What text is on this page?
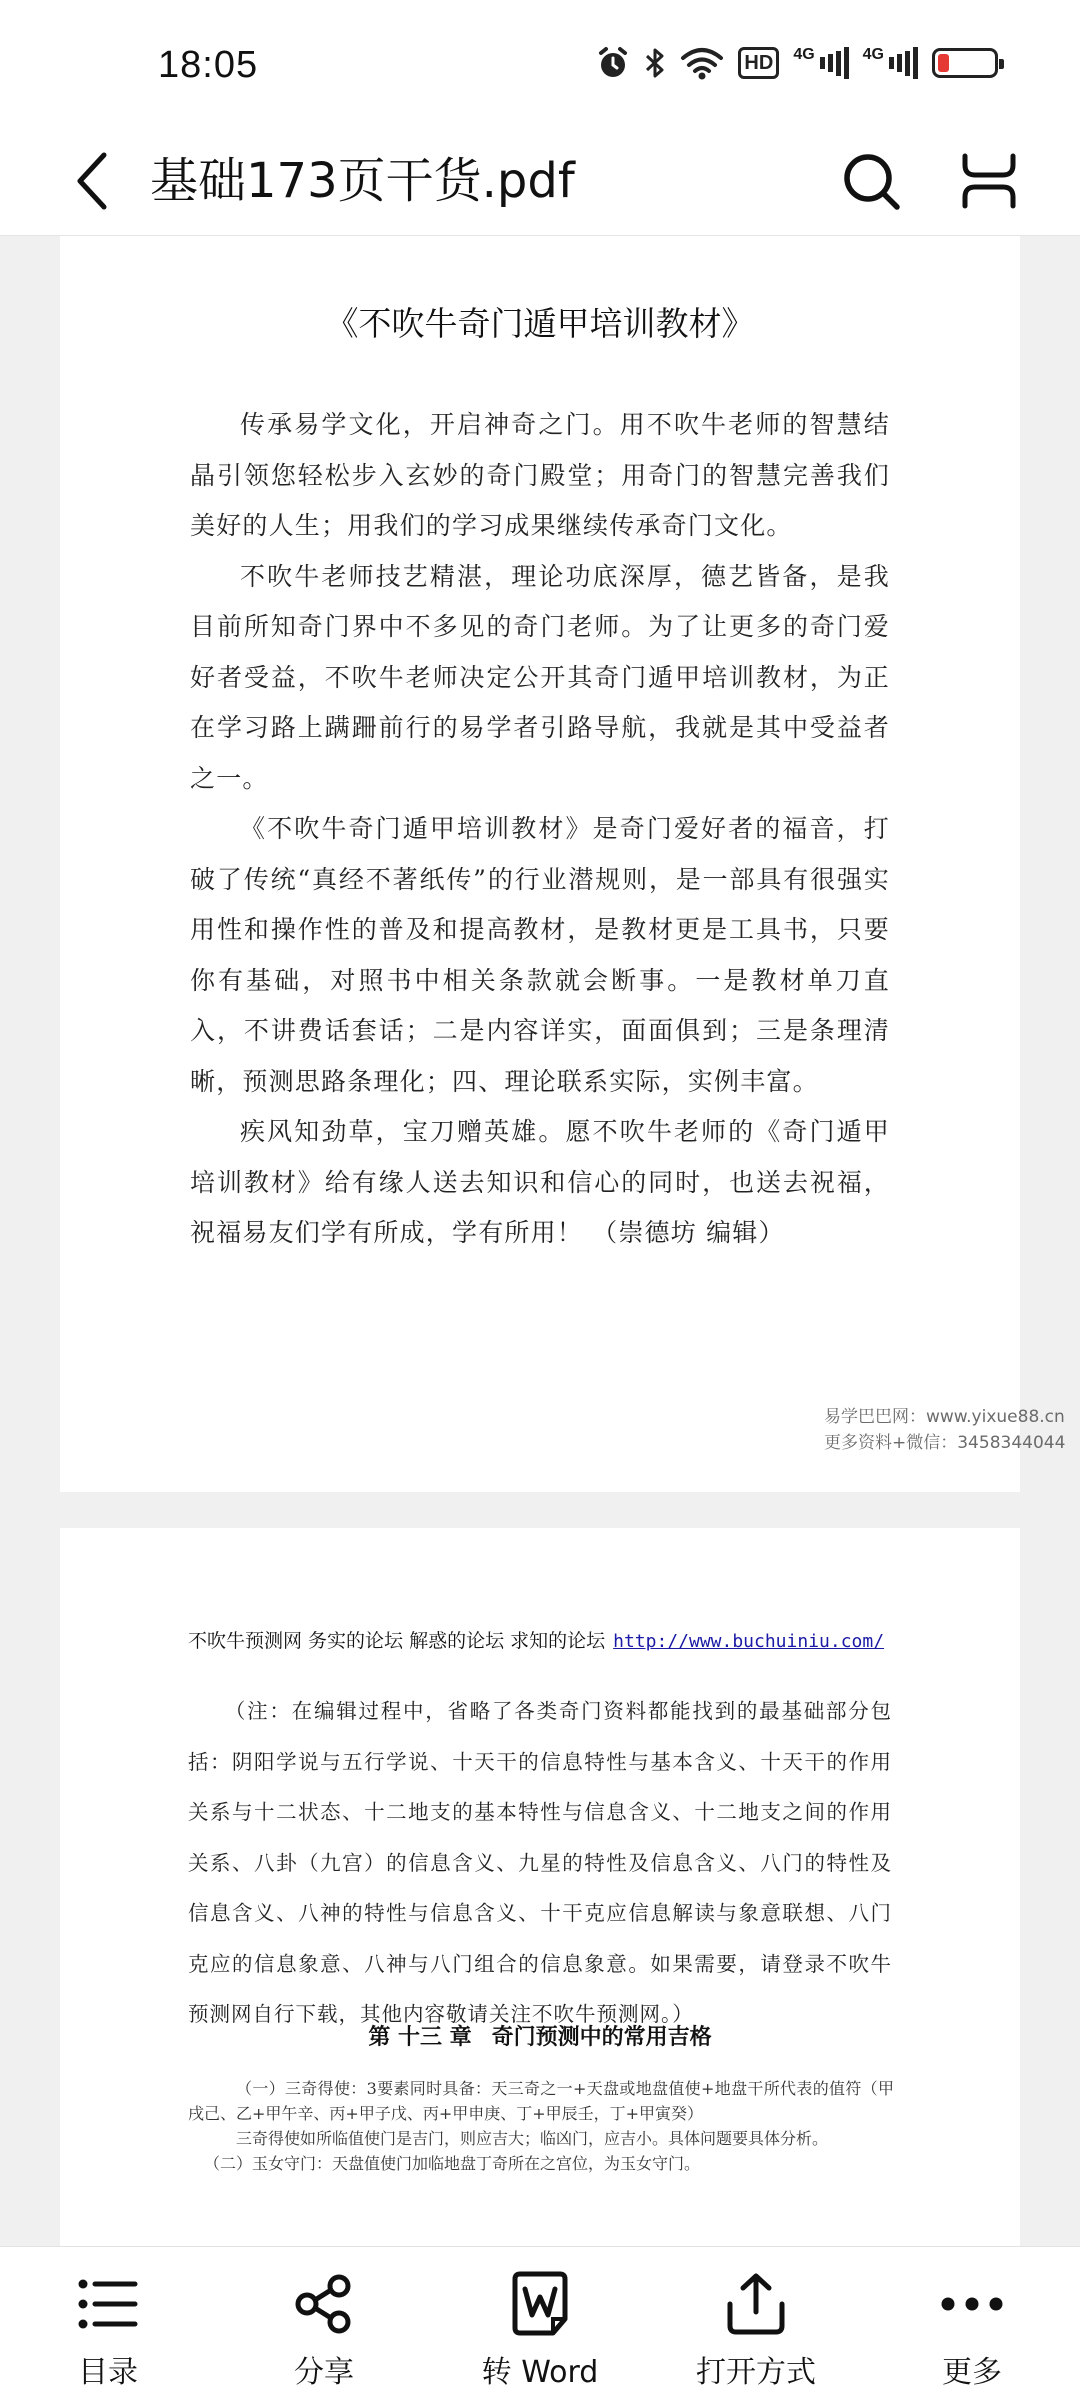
18:05	HD	4G	4G
基础173页干货.pdf
《不吹牛奇门遁甲培训教材》

传承易学文化，开启神奇之门。用不吹牛老师的智慧结晶引领您轻松步入玄妙的奇门殿堂；用奇门的智慧完善我们美好的人生；用我们的学习成果继续传承奇门文化。

不吹牛老师技艺精湛，理论功底深厚，德艺皆备，是我目前所知奇门界中不多见的奇门老师。为了让更多的奇门爱好者受益，不吹牛老师决定公开其奇门遁甲培训教材，为正在学习路上蹒跚前行的易学者引路导航，我就是其中受益者之一。

《不吹牛奇门遁甲培训教材》是奇门爱好者的福音，打破了传统“真经不著纸传”的行业潜规则，是一部具有很强实用性和操作性的普及和提高教材，是教材更是工具书，只要你有基础，对照书中相关条款就会断事。一是教材单刀直入，不讲费话套话；二是内容详实，面面俱到；三是条理清晰，预测思路条理化；四、理论联系实际，实例丰富。

疾风知劲草，宝刀赠英雄。愿不吹牛老师的《奇门遁甲培训教材》给有缘人送去知识和信心的同时，也送去祝福，祝福易友们学有所成，学有所用！ （崇德坊 编辑）

不吹牛预测网 务实的论坛 解惑的论坛 求知的论坛 http://www.buchuiniu.com/
（注：在编辑过程中，省略了各类奇门资料都能找到的最基础部分包括：阴阳学说与五行学说、十天干的信息特性与基本含义、十天干的作用关系与十二状态、十二地支的基本特性与信息含义、十二地支之间的作用关系、八卦（九宫）的信息含义、九星的特性及信息含义、八门的特性及信息含义、八神的特性与信息含义、十干克应信息解读与象意联想、八门克应的信息象意、八神与八门组合的信息象意。如果需要，请登录不吹牛预测网自行下载，其他内容敬请关注不吹牛预测网。）
第 十三 章 奇门预测中的常用吉格
（一）三奇得使：3要素同时具备：天三奇之一+天盘或地盘值使+地盘干所代表的值符（甲戌己、乙+甲午辛、丙+甲子戊、丙+甲申庚、丁+甲辰壬，丁+甲寅癸）
三奇得使如所临值使门是吉门，则应吉大；临凶门，应吉小。具体问题要具体分析。
（二）玉女守门：天盘值使门加临地盘丁奇所在之宫位，为玉女守门。
易学巴巴网：www.yixue88.cn
更多资料+微信：3458344044
目录	分享	转 Word	打开方式	更多
